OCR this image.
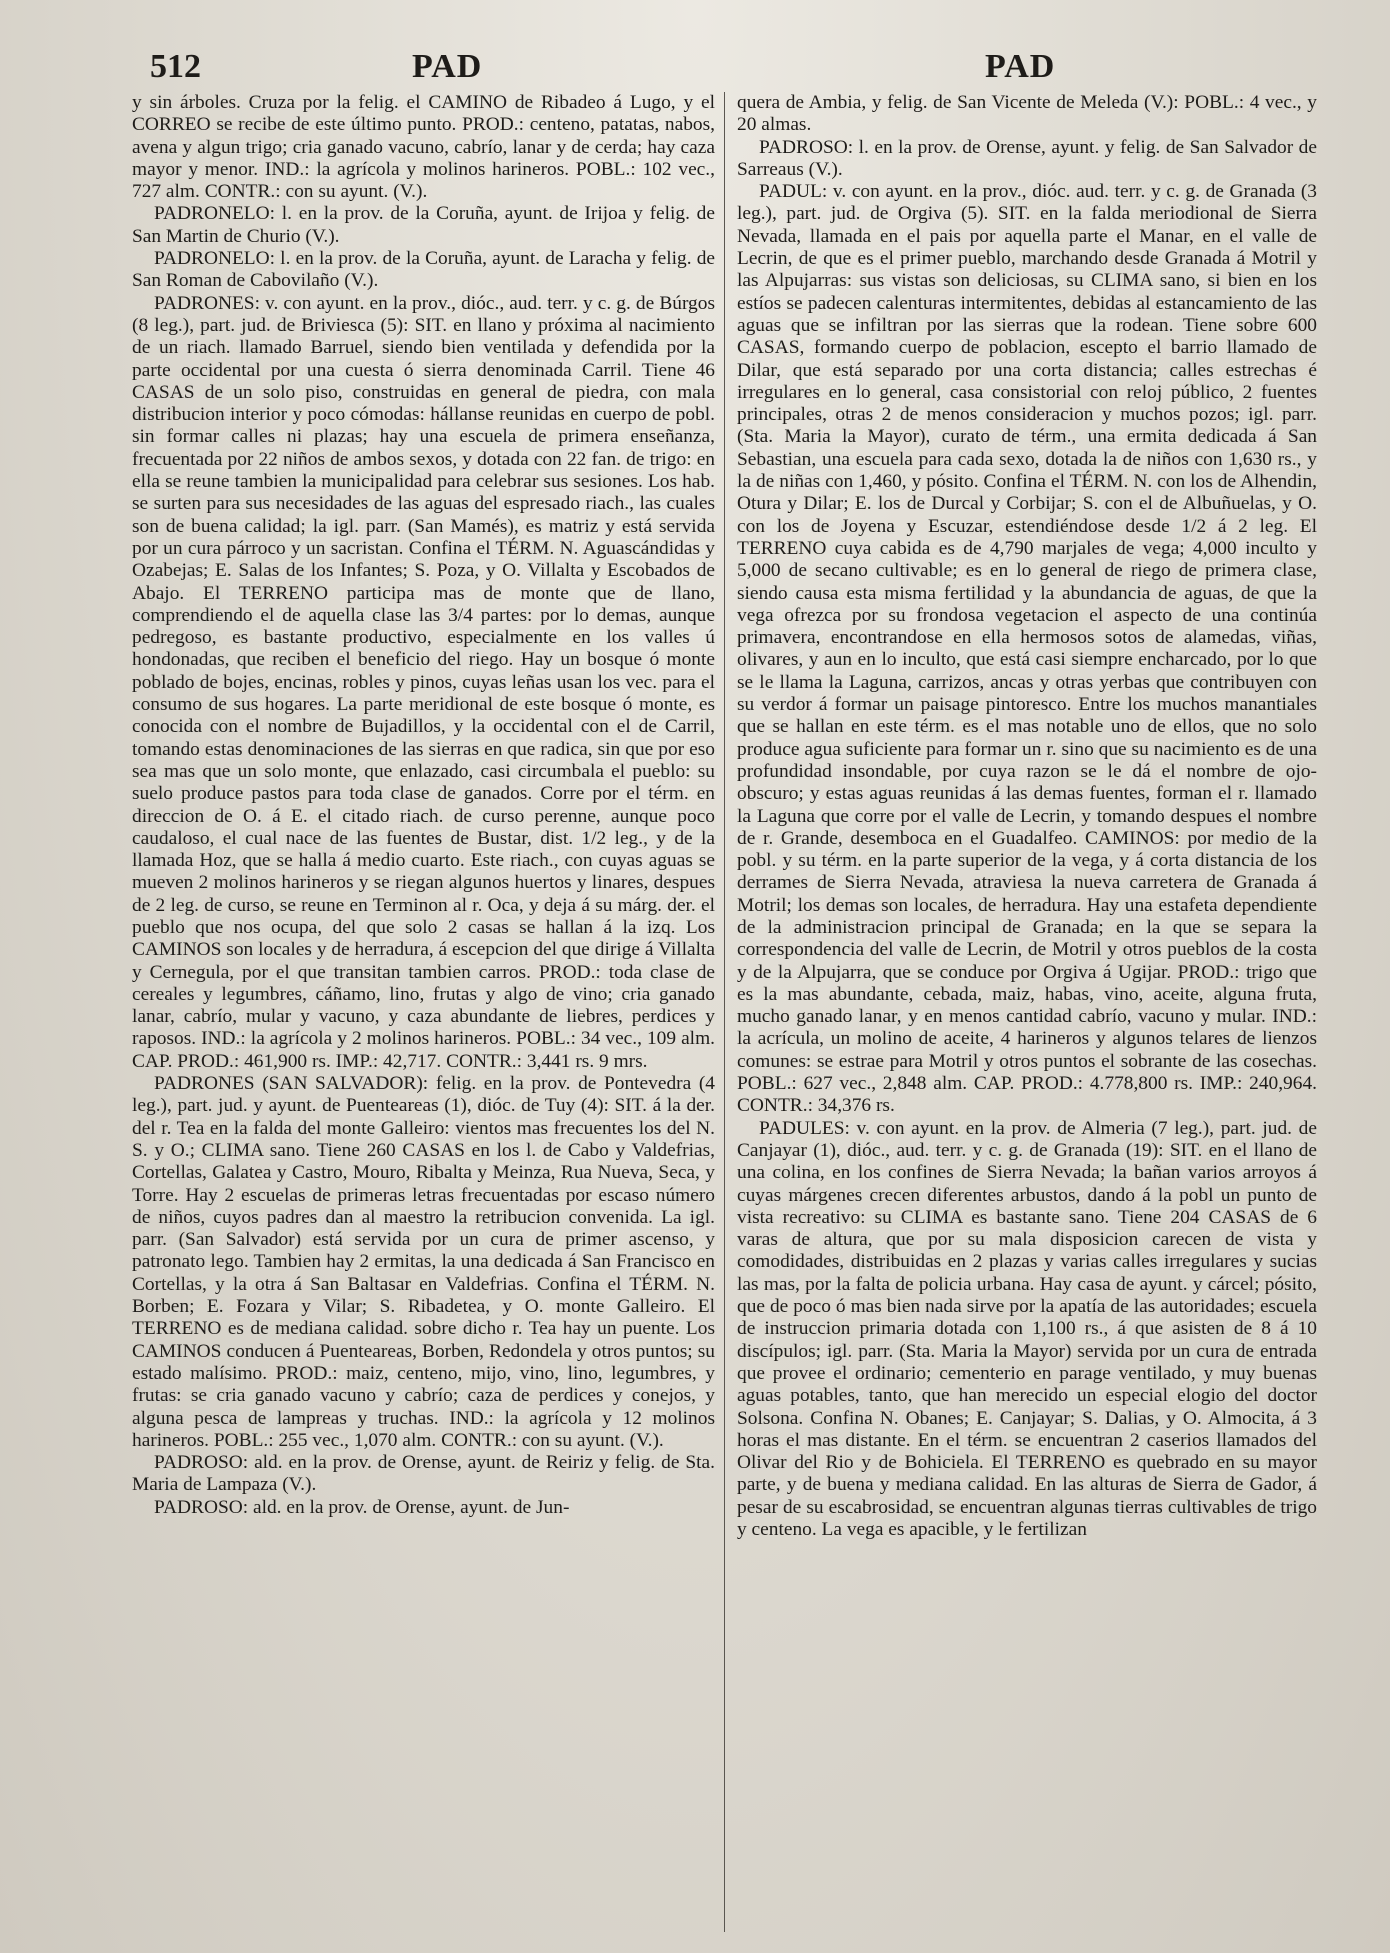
512	PAD	PAD

y sin árboles. Cruza por la felig. el CAMINO de Ribadeo á Lugo, y el CORREO se recibe de este último punto. PROD.: centeno, patatas, nabos, avena y algun trigo; cria ganado vacuno, cabrío, lanar y de cerda; hay caza mayor y menor. IND.: la agrícola y molinos harineros. POBL.: 102 vec., 727 alm. CONTR.: con su ayunt. (V.).

PADRONELO: l. en la prov. de la Coruña, ayunt. de Irijoa y felig. de San Martin de Churio (V.).

PADRONELO: l. en la prov. de la Coruña, ayunt. de Laracha y felig. de San Roman de Cabovilaño (V.).

PADRONES: v. con ayunt. en la prov., dióc., aud. terr. y c. g. de Búrgos (8 leg.), part. jud. de Briviesca (5): SIT. en llano y próxima al nacimiento de un riach. llamado Barruel, siendo bien ventilada y defendida por la parte occidental por una cuesta ó sierra denominada Carril. Tiene 46 CASAS de un solo piso, construidas en general de piedra, con mala distribucion interior y poco cómodas: hállanse reunidas en cuerpo de pobl. sin formar calles ni plazas; hay una escuela de primera enseñanza, frecuentada por 22 niños de ambos sexos, y dotada con 22 fan. de trigo: en ella se reune tambien la municipalidad para celebrar sus sesiones. Los hab. se surten para sus necesidades de las aguas del espresado riach., las cuales son de buena calidad; la igl. parr. (San Mamés), es matriz y está servida por un cura párroco y un sacristan. Confina el TÉRM. N. Aguascándidas y Ozabejas; E. Salas de los Infantes; S. Poza, y O. Villalta y Escobados de Abajo. El TERRENO participa mas de monte que de llano, comprendiendo el de aquella clase las 3/4 partes: por lo demas, aunque pedregoso, es bastante productivo, especialmente en los valles ú hondonadas, que reciben el beneficio del riego. Hay un bosque ó monte poblado de bojes, encinas, robles y pinos, cuyas leñas usan los vec. para el consumo de sus hogares. La parte meridional de este bosque ó monte, es conocida con el nombre de Bujadillos, y la occidental con el de Carril, tomando estas denominaciones de las sierras en que radica, sin que por eso sea mas que un solo monte, que enlazado, casi circumbala el pueblo: su suelo produce pastos para toda clase de ganados. Corre por el térm. en direccion de O. á E. el citado riach. de curso perenne, aunque poco caudaloso, el cual nace de las fuentes de Bustar, dist. 1/2 leg., y de la llamada Hoz, que se halla á medio cuarto. Este riach., con cuyas aguas se mueven 2 molinos harineros y se riegan algunos huertos y linares, despues de 2 leg. de curso, se reune en Terminon al r. Oca, y deja á su márg. der. el pueblo que nos ocupa, del que solo 2 casas se hallan á la izq. Los CAMINOS son locales y de herradura, á escepcion del que dirige á Villalta y Cernegula, por el que transitan tambien carros. PROD.: toda clase de cereales y legumbres, cáñamo, lino, frutas y algo de vino; cria ganado lanar, cabrío, mular y vacuno, y caza abundante de liebres, perdices y raposos. IND.: la agrícola y 2 molinos harineros. POBL.: 34 vec., 109 alm. CAP. PROD.: 461,900 rs. IMP.: 42,717. CONTR.: 3,441 rs. 9 mrs.

PADRONES (SAN SALVADOR): felig. en la prov. de Pontevedra (4 leg.), part. jud. y ayunt. de Puenteareas (1), dióc. de Tuy (4): SIT. á la der. del r. Tea en la falda del monte Galleiro: vientos mas frecuentes los del N. S. y O.; CLIMA sano. Tiene 260 CASAS en los l. de Cabo y Valdefrias, Cortellas, Galatea y Castro, Mouro, Ribalta y Meinza, Rua Nueva, Seca, y Torre. Hay 2 escuelas de primeras letras frecuentadas por escaso número de niños, cuyos padres dan al maestro la retribucion convenida. La igl. parr. (San Salvador) está servida por un cura de primer ascenso, y patronato lego. Tambien hay 2 ermitas, la una dedicada á San Francisco en Cortellas, y la otra á San Baltasar en Valdefrias. Confina el TÉRM. N. Borben; E. Fozara y Vilar; S. Ribadetea, y O. monte Galleiro. El TERRENO es de mediana calidad. sobre dicho r. Tea hay un puente. Los CAMINOS conducen á Puenteareas, Borben, Redondela y otros puntos; su estado malísimo. PROD.: maiz, centeno, mijo, vino, lino, legumbres, y frutas: se cria ganado vacuno y cabrío; caza de perdices y conejos, y alguna pesca de lampreas y truchas. IND.: la agrícola y 12 molinos harineros. POBL.: 255 vec., 1,070 alm. CONTR.: con su ayunt. (V.).

PADROSO: ald. en la prov. de Orense, ayunt. de Reiriz y felig. de Sta. Maria de Lampaza (V.).

PADROSO: ald. en la prov. de Orense, ayunt. de Jun-

quera de Ambia, y felig. de San Vicente de Meleda (V.): POBL.: 4 vec., y 20 almas.

PADROSO: l. en la prov. de Orense, ayunt. y felig. de San Salvador de Sarreaus (V.).

PADUL: v. con ayunt. en la prov., dióc. aud. terr. y c. g. de Granada (3 leg.), part. jud. de Orgiva (5). SIT. en la falda meriodional de Sierra Nevada, llamada en el pais por aquella parte el Manar, en el valle de Lecrin, de que es el primer pueblo, marchando desde Granada á Motril y las Alpujarras: sus vistas son deliciosas, su CLIMA sano, si bien en los estíos se padecen calenturas intermitentes, debidas al estancamiento de las aguas que se infiltran por las sierras que la rodean. Tiene sobre 600 CASAS, formando cuerpo de poblacion, escepto el barrio llamado de Dilar, que está separado por una corta distancia; calles estrechas é irregulares en lo general, casa consistorial con reloj público, 2 fuentes principales, otras 2 de menos consideracion y muchos pozos; igl. parr. (Sta. Maria la Mayor), curato de térm., una ermita dedicada á San Sebastian, una escuela para cada sexo, dotada la de niños con 1,630 rs., y la de niñas con 1,460, y pósito. Confina el TÉRM. N. con los de Alhendin, Otura y Dilar; E. los de Durcal y Corbijar; S. con el de Albuñuelas, y O. con los de Joyena y Escuzar, estendiéndose desde 1/2 á 2 leg. El TERRENO cuya cabida es de 4,790 marjales de vega; 4,000 inculto y 5,000 de secano cultivable; es en lo general de riego de primera clase, siendo causa esta misma fertilidad y la abundancia de aguas, de que la vega ofrezca por su frondosa vegetacion el aspecto de una continúa primavera, encontrandose en ella hermosos sotos de alamedas, viñas, olivares, y aun en lo inculto, que está casi siempre encharcado, por lo que se le llama la Laguna, carrizos, ancas y otras yerbas que contribuyen con su verdor á formar un paisage pintoresco. Entre los muchos manantiales que se hallan en este térm. es el mas notable uno de ellos, que no solo produce agua suficiente para formar un r. sino que su nacimiento es de una profundidad insondable, por cuya razon se le dá el nombre de ojo-obscuro; y estas aguas reunidas á las demas fuentes, forman el r. llamado la Laguna que corre por el valle de Lecrin, y tomando despues el nombre de r. Grande, desemboca en el Guadalfeo. CAMINOS: por medio de la pobl. y su térm. en la parte superior de la vega, y á corta distancia de los derrames de Sierra Nevada, atraviesa la nueva carretera de Granada á Motril; los demas son locales, de herradura. Hay una estafeta dependiente de la administracion principal de Granada; en la que se separa la correspondencia del valle de Lecrin, de Motril y otros pueblos de la costa y de la Alpujarra, que se conduce por Orgiva á Ugijar. PROD.: trigo que es la mas abundante, cebada, maiz, habas, vino, aceite, alguna fruta, mucho ganado lanar, y en menos cantidad cabrío, vacuno y mular. IND.: la acrícula, un molino de aceite, 4 harineros y algunos telares de lienzos comunes: se estrae para Motril y otros puntos el sobrante de las cosechas. POBL.: 627 vec., 2,848 alm. CAP. PROD.: 4.778,800 rs. IMP.: 240,964. CONTR.: 34,376 rs.

PADULES: v. con ayunt. en la prov. de Almeria (7 leg.), part. jud. de Canjayar (1), dióc., aud. terr. y c. g. de Granada (19): SIT. en el llano de una colina, en los confines de Sierra Nevada; la bañan varios arroyos á cuyas márgenes crecen diferentes arbustos, dando á la pobl un punto de vista recreativo: su CLIMA es bastante sano. Tiene 204 CASAS de 6 varas de altura, que por su mala disposicion carecen de vista y comodidades, distribuidas en 2 plazas y varias calles irregulares y sucias las mas, por la falta de policia urbana. Hay casa de ayunt. y cárcel; pósito, que de poco ó mas bien nada sirve por la apatía de las autoridades; escuela de instruccion primaria dotada con 1,100 rs., á que asisten de 8 á 10 discípulos; igl. parr. (Sta. Maria la Mayor) servida por un cura de entrada que provee el ordinario; cementerio en parage ventilado, y muy buenas aguas potables, tanto, que han merecido un especial elogio del doctor Solsona. Confina N. Obanes; E. Canjayar; S. Dalias, y O. Almocita, á 3 horas el mas distante. En el térm. se encuentran 2 caserios llamados del Olivar del Rio y de Bohiciela. El TERRENO es quebrado en su mayor parte, y de buena y mediana calidad. En las alturas de Sierra de Gador, á pesar de su escabrosidad, se encuentran algunas tierras cultivables de trigo y centeno. La vega es apacible, y le fertilizan
